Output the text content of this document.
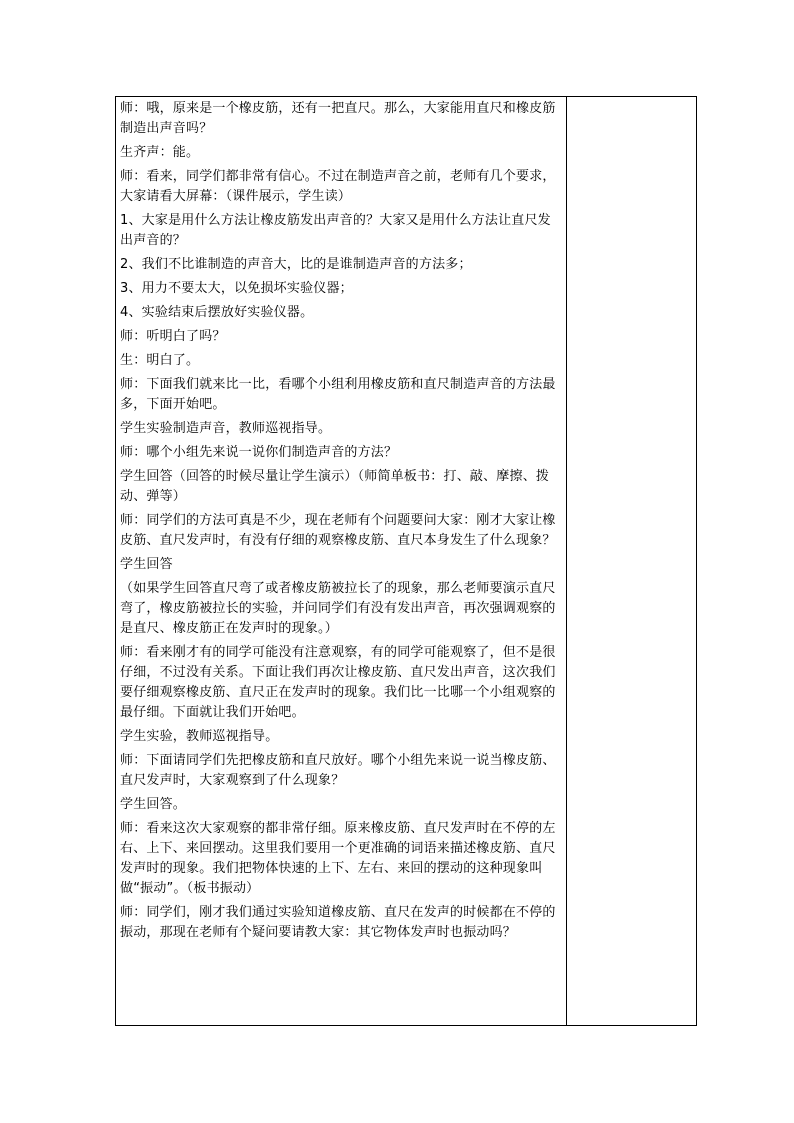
师：哦，原来是一个橡皮筋，还有一把直尺。那么，大家能用直尺和橡皮筋制造出声音吗？

生齐声：能。

师：看来，同学们都非常有信心。不过在制造声音之前，老师有几个要求，大家请看大屏幕：（课件展示，学生读）

1、大家是用什么方法让橡皮筋发出声音的？大家又是用什么方法让直尺发出声音的？

2、我们不比谁制造的声音大，比的是谁制造声音的方法多；

3、用力不要太大，以免损坏实验仪器；

4、实验结束后摆放好实验仪器。

师：听明白了吗？

生：明白了。

师：下面我们就来比一比，看哪个小组利用橡皮筋和直尺制造声音的方法最多，下面开始吧。

学生实验制造声音，教师巡视指导。

师：哪个小组先来说一说你们制造声音的方法？

学生回答（回答的时候尽量让学生演示）（师简单板书：打、敲、摩擦、拨动、弹等）

师：同学们的方法可真是不少，现在老师有个问题要问大家：刚才大家让橡皮筋、直尺发声时，有没有仔细的观察橡皮筋、直尺本身发生了什么现象？

学生回答

（如果学生回答直尺弯了或者橡皮筋被拉长了的现象，那么老师要演示直尺弯了，橡皮筋被拉长的实验，并问同学们有没有发出声音，再次强调观察的是直尺、橡皮筋正在发声时的现象。）

师：看来刚才有的同学可能没有注意观察，有的同学可能观察了，但不是很仔细，不过没有关系。下面让我们再次让橡皮筋、直尺发出声音，这次我们要仔细观察橡皮筋、直尺正在发声时的现象。我们比一比哪一个小组观察的最仔细。下面就让我们开始吧。

学生实验，教师巡视指导。

师：下面请同学们先把橡皮筋和直尺放好。哪个小组先来说一说当橡皮筋、直尺发声时，大家观察到了什么现象？

学生回答。

师：看来这次大家观察的都非常仔细。原来橡皮筋、直尺发声时在不停的左右、上下、来回摆动。这里我们要用一个更准确的词语来描述橡皮筋、直尺发声时的现象。我们把物体快速的上下、左右、来回的摆动的这种现象叫做“振动”。（板书振动）

师：同学们，刚才我们通过实验知道橡皮筋、直尺在发声的时候都在不停的振动，那现在老师有个疑问要请教大家：其它物体发声时也振动吗？
